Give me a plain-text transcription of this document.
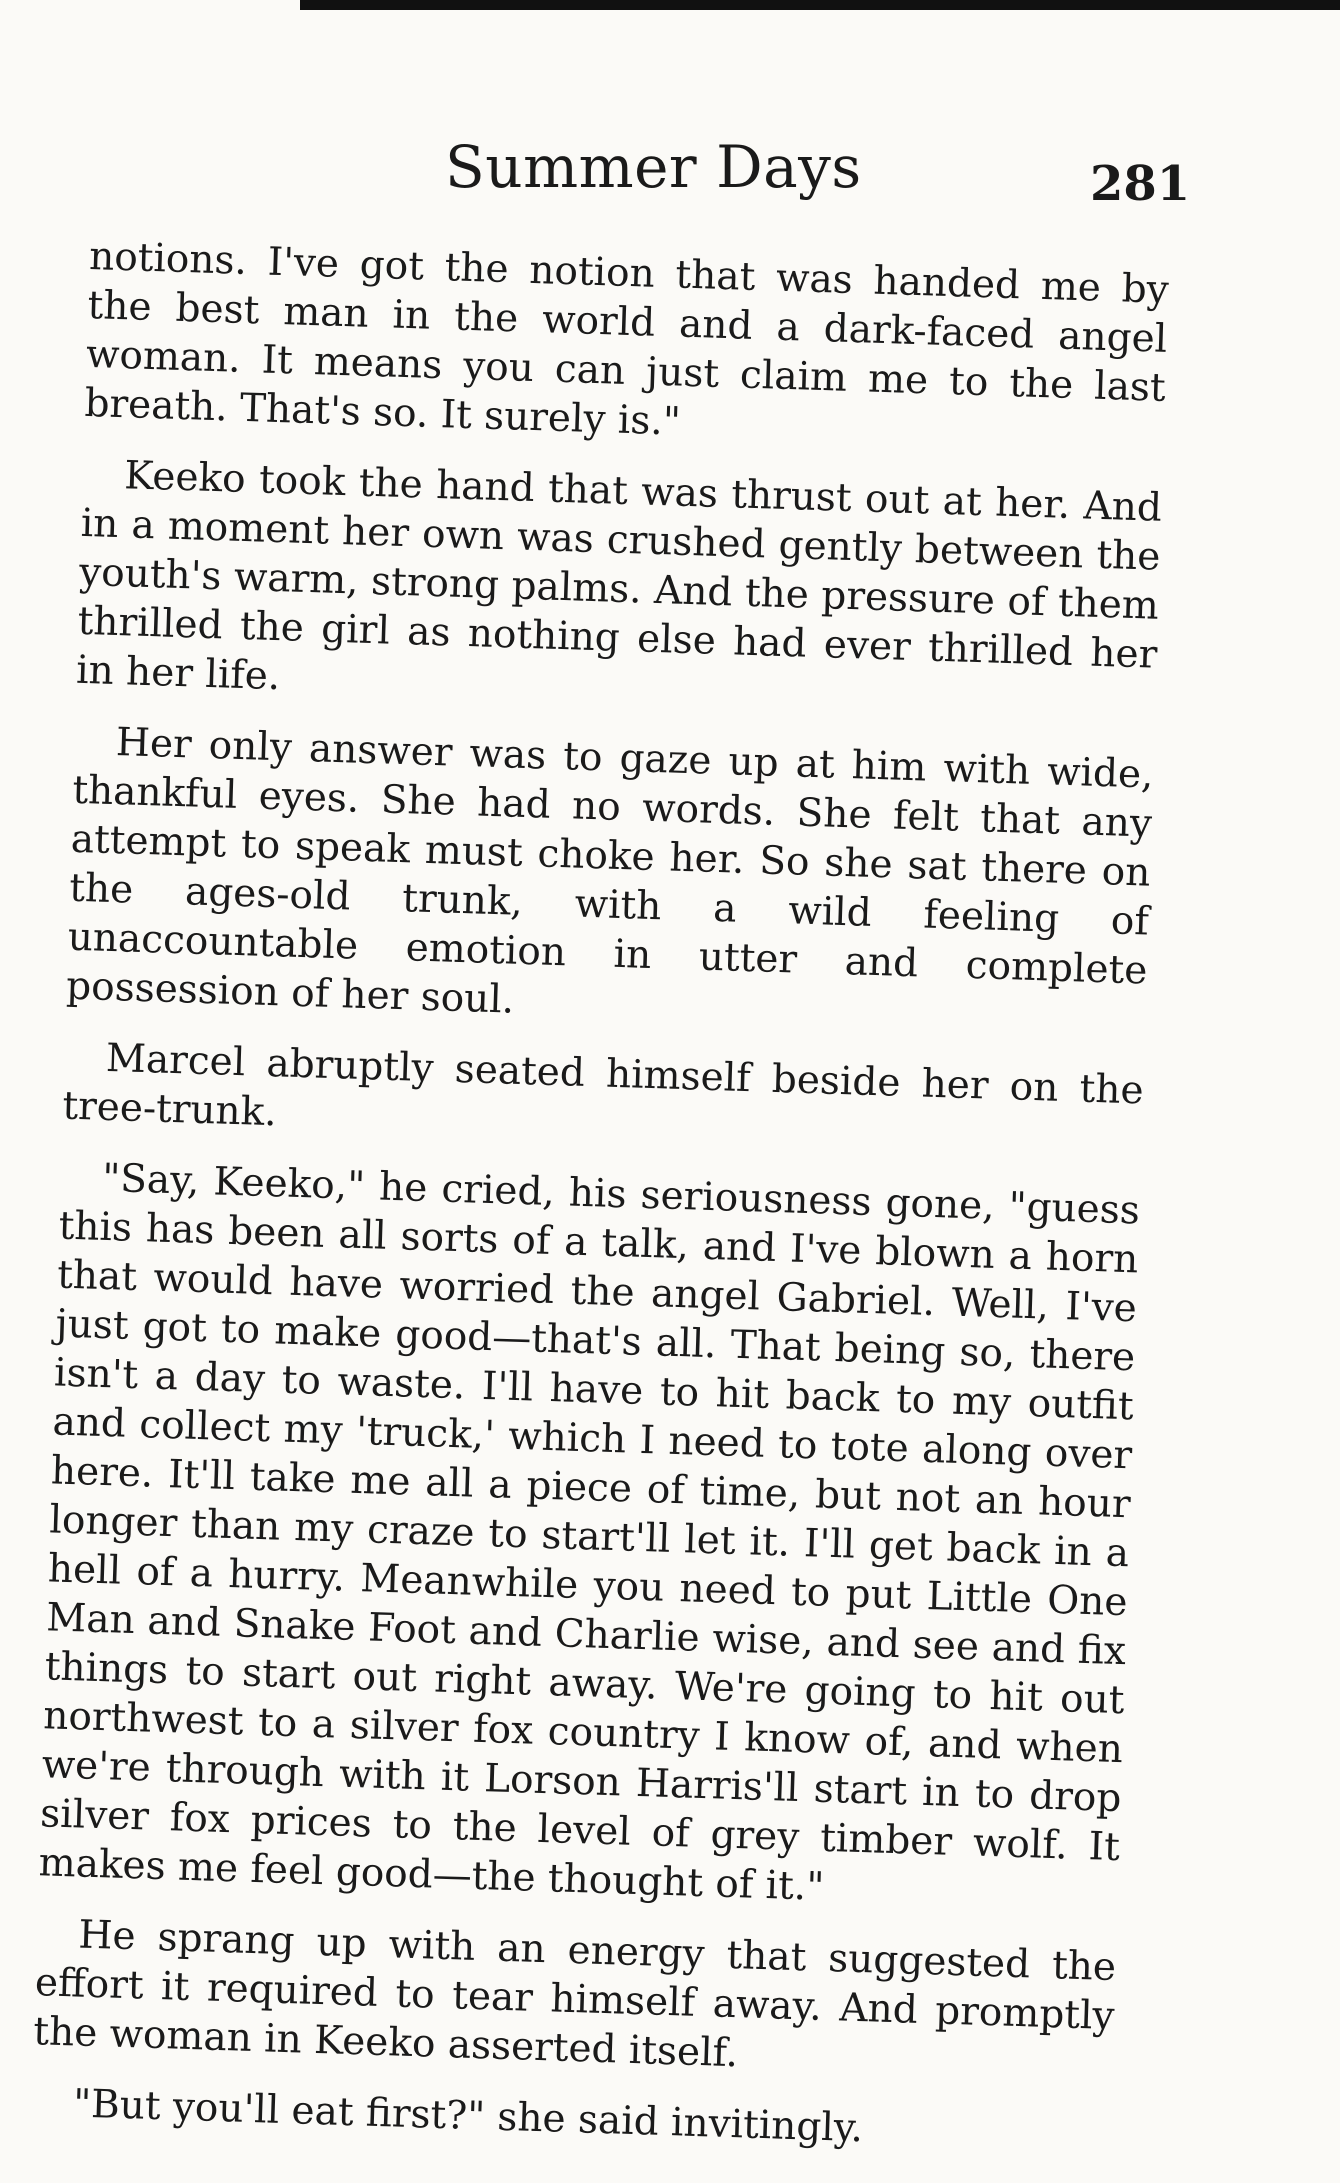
Summer Days	281

notions. I've got the notion that was handed me by the best man in the world and a dark-faced angel woman. It means you can just claim me to the last breath. That's so. It surely is."

Keeko took the hand that was thrust out at her. And in a moment her own was crushed gently between the youth's warm, strong palms. And the pressure of them thrilled the girl as nothing else had ever thrilled her in her life.

Her only answer was to gaze up at him with wide, thankful eyes. She had no words. She felt that any attempt to speak must choke her. So she sat there on the ages-old trunk, with a wild feeling of unaccountable emotion in utter and complete possession of her soul.

Marcel abruptly seated himself beside her on the tree-trunk.

"Say, Keeko," he cried, his seriousness gone, "guess this has been all sorts of a talk, and I've blown a horn that would have worried the angel Gabriel. Well, I've just got to make good—that's all. That being so, there isn't a day to waste. I'll have to hit back to my outfit and collect my 'truck,' which I need to tote along over here. It'll take me all a piece of time, but not an hour longer than my craze to start'll let it. I'll get back in a hell of a hurry. Meanwhile you need to put Little One Man and Snake Foot and Charlie wise, and see and fix things to start out right away. We're going to hit out northwest to a silver fox country I know of, and when we're through with it Lorson Harris'll start in to drop silver fox prices to the level of grey timber wolf. It makes me feel good—the thought of it."

He sprang up with an energy that suggested the effort it required to tear himself away. And promptly the woman in Keeko asserted itself.

"But you'll eat first?" she said invitingly.
